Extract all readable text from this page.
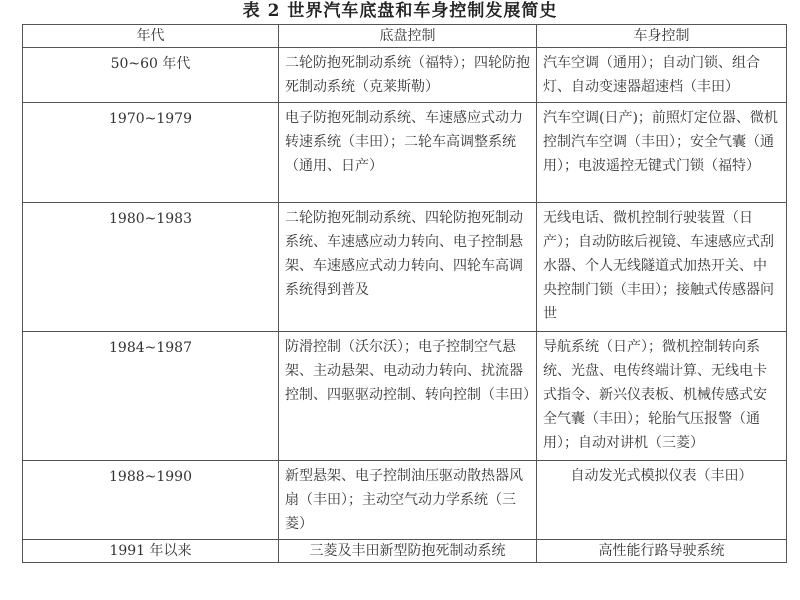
表 2 世界汽车底盘和车身控制发展简史
年代	底盘控制	车身控制
50~60 年代	二轮防抱死制动系统（福特）；四轮防抱死制动系统（克莱斯勒）	汽车空调（通用）；自动门锁、组合灯、自动变速器超速档（丰田）
1970~1979	电子防抱死制动系统、车速感应式动力转速系统（丰田）；二轮车高调整系统（通用、日产）	汽车空调(日产)；前照灯定位器、微机控制汽车空调（丰田）；安全气囊（通用）；电波遥控无键式门锁（福特）
1980~1983	二轮防抱死制动系统、四轮防抱死制动系统、车速感应动力转向、电子控制悬架、车速感应式动力转向、四轮车高调系统得到普及	无线电话、微机控制行驶装置（日产）；自动防眩后视镜、车速感应式刮水器、个人无线隧道式加热开关、中央控制门锁（丰田）；接触式传感器问世
1984~1987	防滑控制（沃尔沃）；电子控制空气悬架、主动悬架、电动动力转向、扰流器控制、四驱驱动控制、转向控制（丰田）	导航系统（日产）；微机控制转向系统、光盘、电传终端计算、无线电卡式指令、新兴仪表板、机械传感式安全气囊（丰田）；轮胎气压报警（通用）；自动对讲机（三菱）
1988~1990	新型悬架、电子控制油压驱动散热器风扇（丰田）；主动空气动力学系统（三菱）	自动发光式模拟仪表（丰田）
1991 年以来	三菱及丰田新型防抱死制动系统	高性能行路导驶系统
